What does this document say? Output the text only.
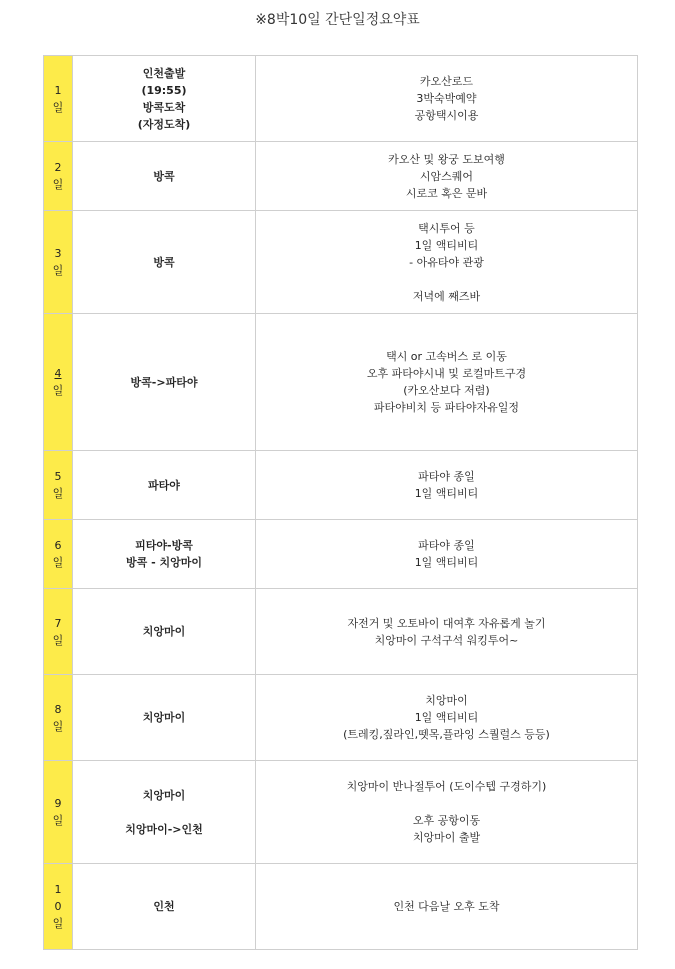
※8박10일 간단일정요약표
1
일	인천출발
(19:55)
방콕도착
(자정도착)	카오산로드
3박숙박예약
공항택시이용

2
일	방콕	카오산 및 왕궁 도보여행
시암스퀘어
시로코 혹은 문바

3
일	방콕	택시투어 등
1일 액티비티
- 아유타야 관광
저녁에 째즈바

4
일	방콕->파타야	택시 or 고속버스 로 이동
오후 파타야시내 및 로컬마트구경
(카오산보다 저렴)
파타야비치 등 파타야자유일정

5
일	파타야	파타야 종일
1일 액티비티

6
일	피타야-방콕
방콕 - 치앙마이	파타야 종일
1일 액티비티

7
일	치앙마이	자전거 및 오토바이 대여후 자유롭게 놀기
치앙마이 구석구석 워킹투어~

8
일	치앙마이	치앙마이
1일 액티비티
(트레킹,짚라인,뗏목,플라잉 스퀄럴스 등등)

9
일	치앙마이
치앙마이->인천	치앙마이 반나절투어 (도이수텝 구경하기)
오후 공항이동
치앙마이 출발

1
0
일	인천	인천 다음날 오후 도착
